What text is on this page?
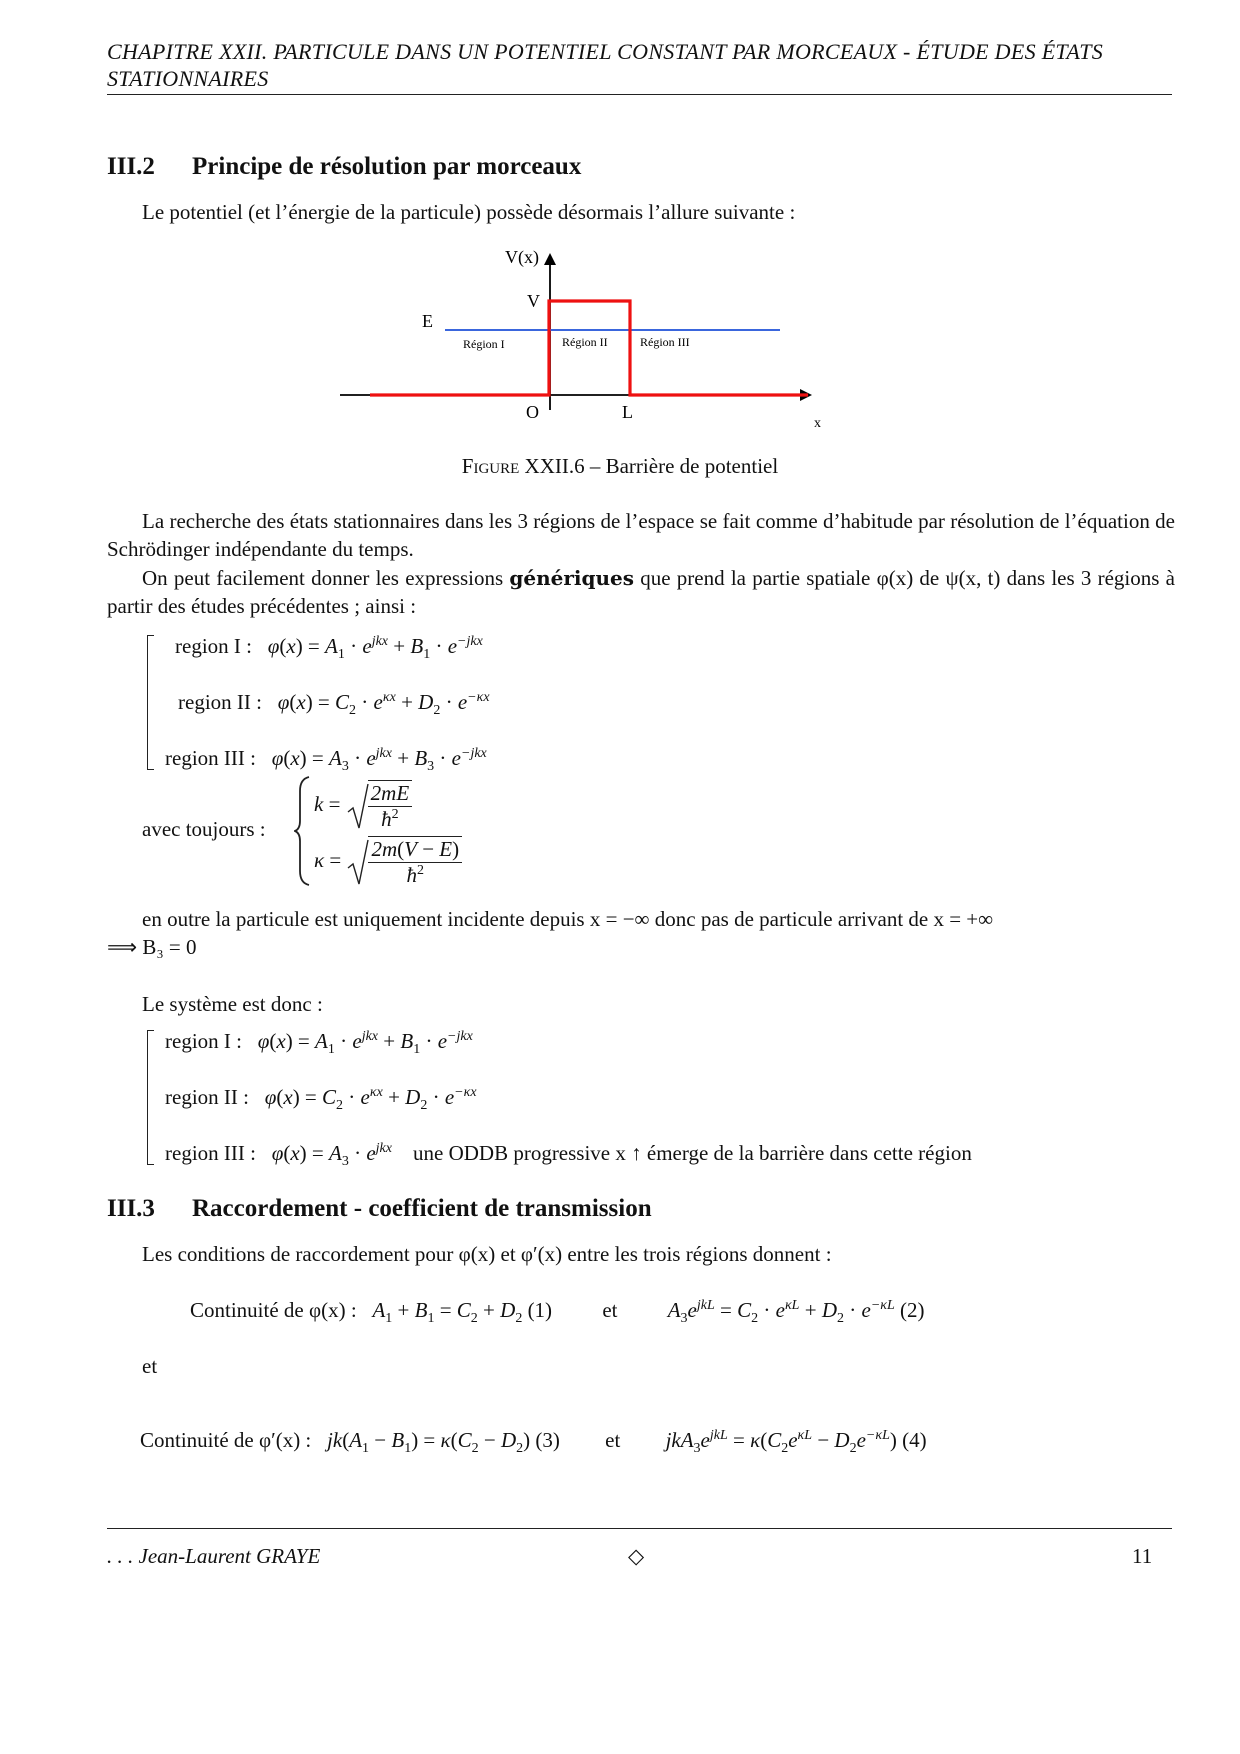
CHAPITRE XXII. PARTICULE DANS UN POTENTIEL CONSTANT PAR MORCEAUX - ÉTUDE DES ÉTATS STATIONNAIRES
III.2 Principe de résolution par morceaux
Le potentiel (et l’énergie de la particule) possède désormais l’allure suivante :
V(x)
V
E
O	L
x
Région I	Région II	Région III
Figure XXII.6 – Barrière de potentiel
La recherche des états stationnaires dans les 3 régions de l’espace se fait comme d’habitude par résolution de l’équation de Schrödinger indépendante du temps.
On peut facilement donner les expressions génériques que prend la partie spatiale φ(x) de ψ(x, t) dans les 3 régions à partir des études précédentes ; ainsi :
region I : $\varphi(x) = A_1 \cdot e^{jkx} + B_1 \cdot e^{-jkx}$
region II : $\varphi(x) = C_2 \cdot e^{\kappa x} + D_2 \cdot e^{-\kappa x}$
region III : $\varphi(x) = A_3 \cdot e^{jkx} + B_3 \cdot e^{-jkx}$
avec toujours :
$k = \frac{2mE}{ħ^2}$
$\kappa = \frac{2m(V - E)}{ħ^2}$
en outre la particule est uniquement incidente depuis x = −∞ donc pas de particule arrivant de x = +∞
⟹ B₃ = 0
Le système est donc :
region I : $\varphi(x) = A_1 \cdot e^{jkx} + B_1 \cdot e^{-jkx}$
region II : $\varphi(x) = C_2 \cdot e^{\kappa x} + D_2 \cdot e^{-\kappa x}$
region III : $\varphi(x) = A_3 \cdot e^{jkx}$ une ODDB progressive x ↑ émerge de la barrière dans cette région
III.3 Raccordement - coefficient de transmission
Les conditions de raccordement pour φ(x) et φ′(x) entre les trois régions donnent :
Continuité de φ(x) : $A_1 + B_1 = C_2 + D_2$ (1) et $A_3e^{jkL} = C_2 \cdot e^{\kappa L} + D_2 \cdot e^{-\kappa L}$ (2)
et
Continuité de φ′(x) : $jk(A_1 - B_1) = \kappa(C_2 - D_2)$ (3) et $jkA_3e^{jkL} = \kappa(C_2e^{\kappa L} - D_2e^{-\kappa L})$ (4)
. . . Jean-Laurent GRAYE	◇	11
